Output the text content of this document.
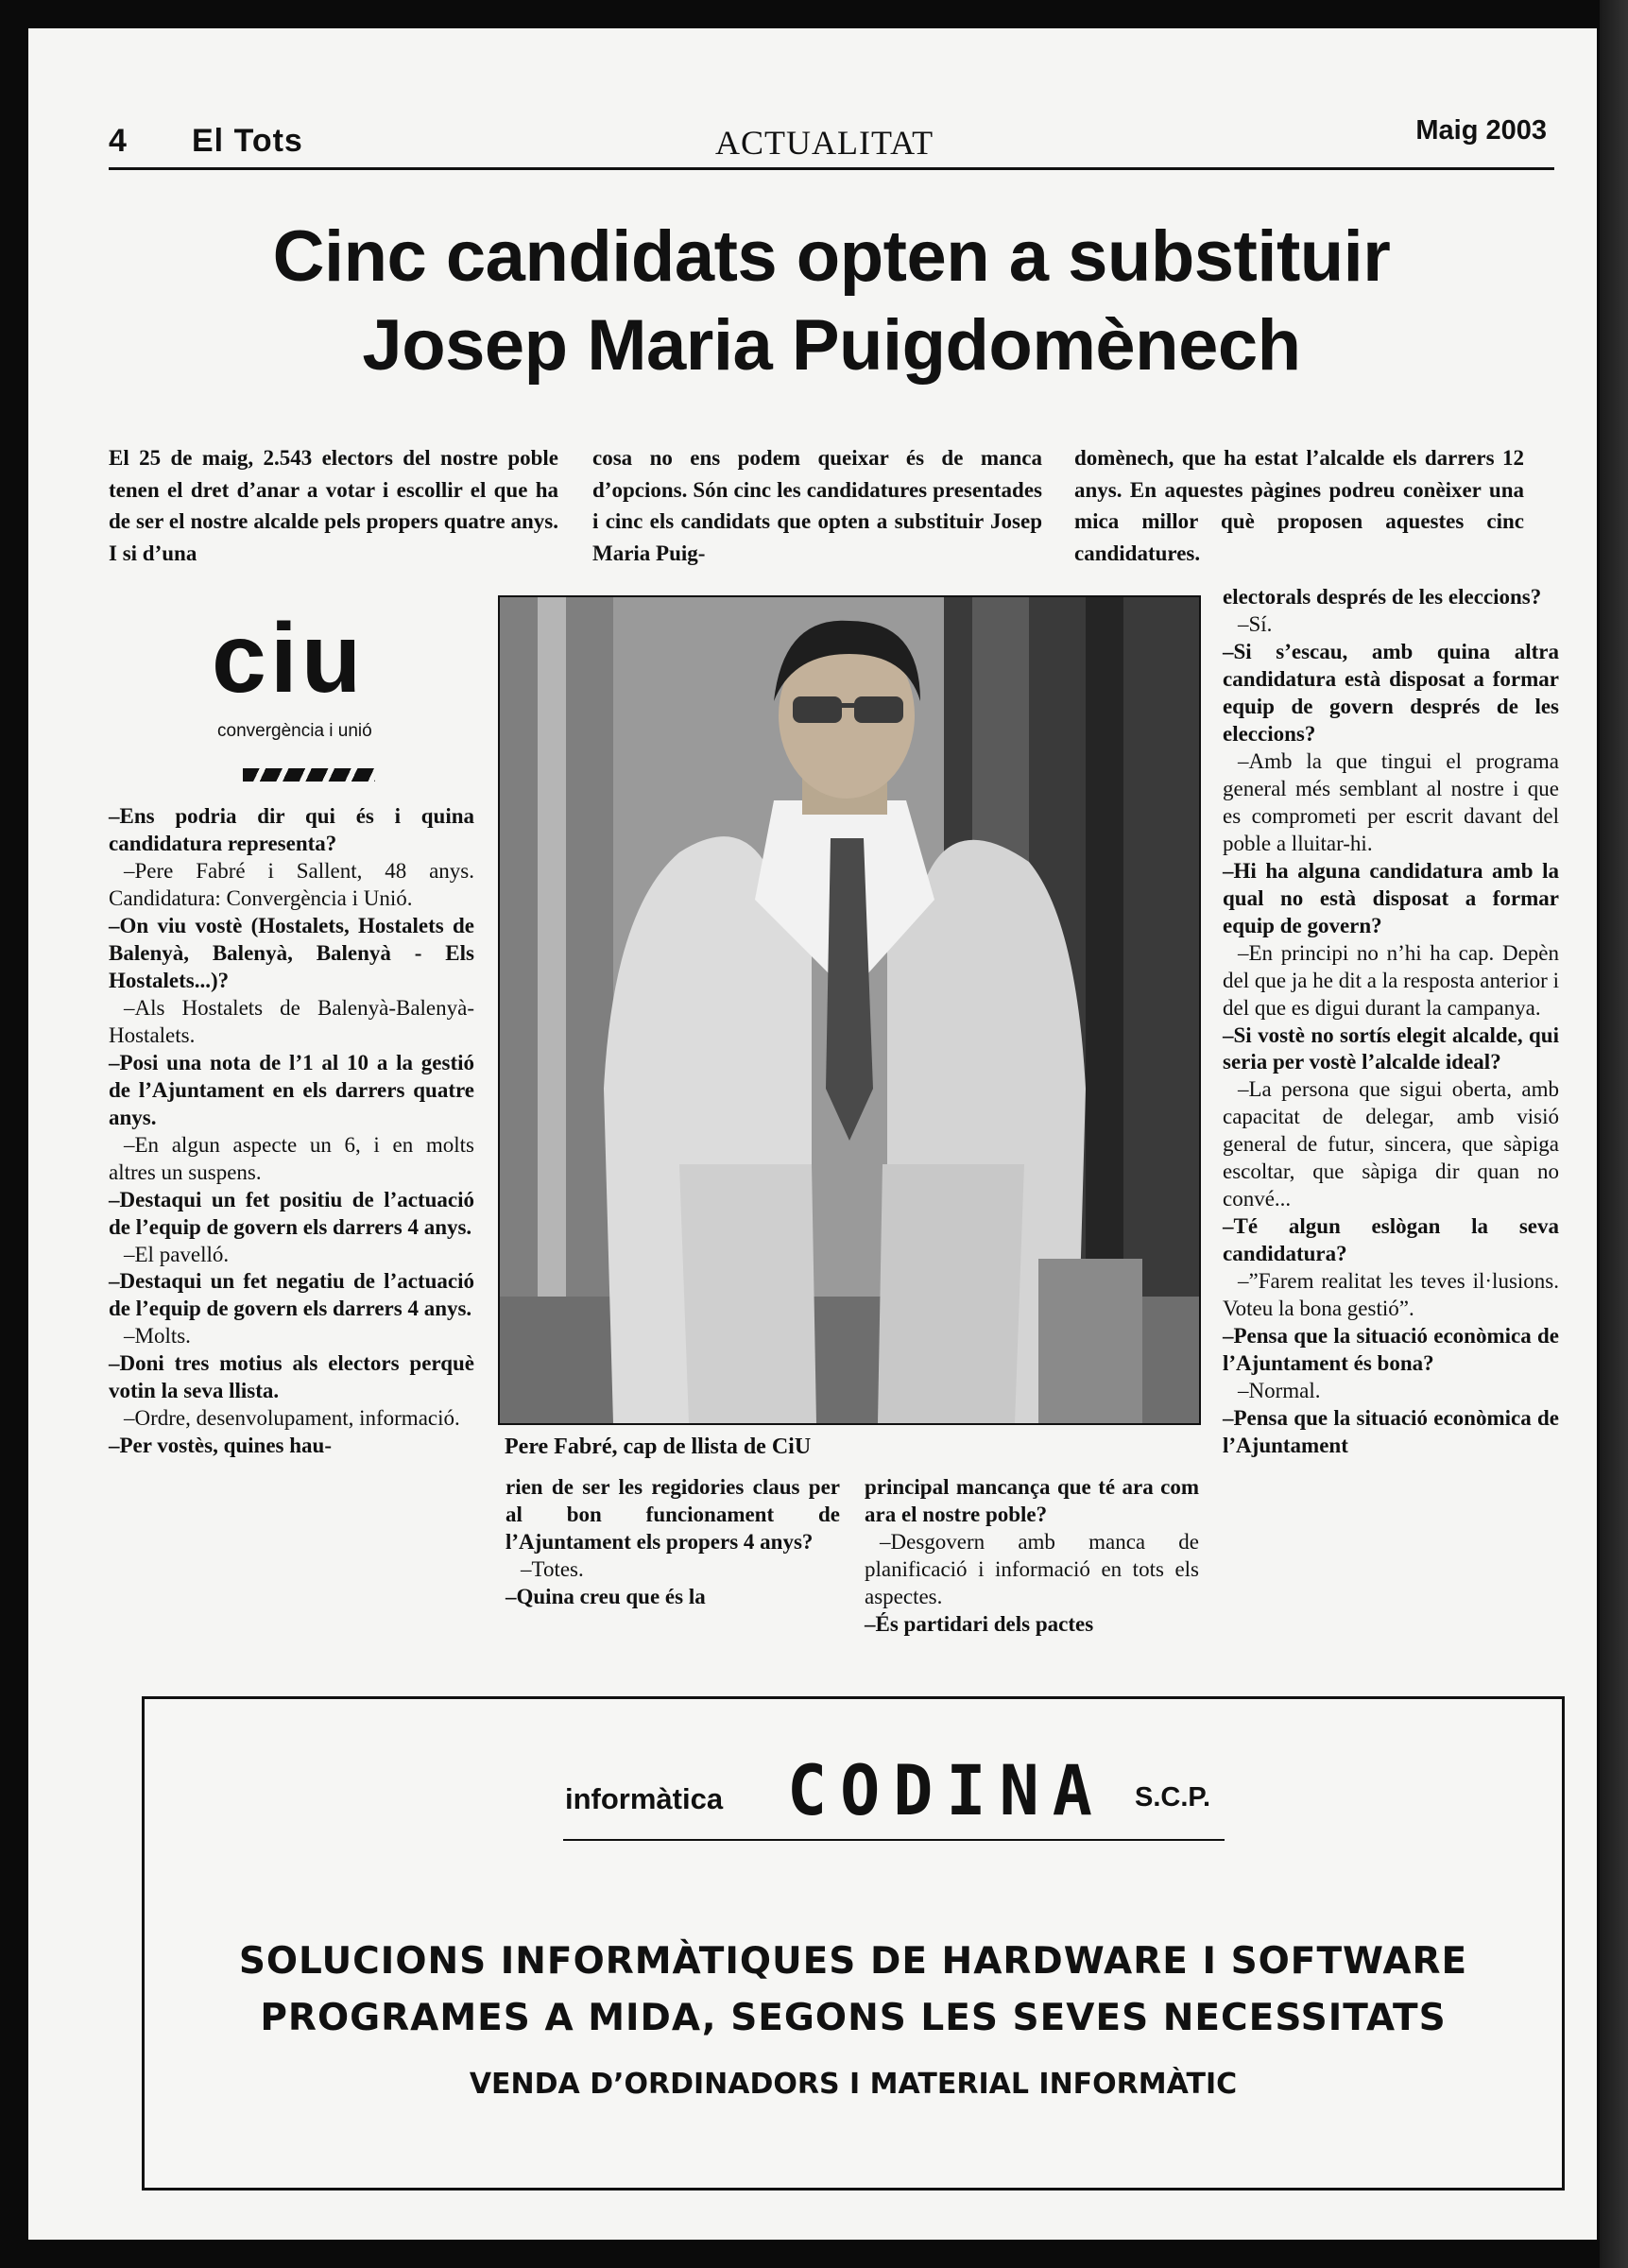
4 El Tots	ACTUALITAT	Maig 2003
Cinc candidats opten a substituir
Josep Maria Puigdomènech

El 25 de maig, 2.543 electors del nostre poble tenen el dret d’anar a votar i escollir el que ha de ser el nostre alcalde pels propers quatre anys. I si d’una

cosa no ens podem queixar és de manca d’opcions. Són cinc les candidatures presentades i cinc els candidats que opten a substituir Josep Maria Puig-

domènech, que ha estat l’alcalde els darrers 12 anys. En aquestes pàgines podreu conèixer una mica millor què proposen aquestes cinc candidatures.

ciu
convergència i unió

–Ens podria dir qui és i quina candidatura representa?

–Pere Fabré i Sallent, 48 anys. Candidatura: Convergència i Unió.

–On viu vostè (Hostalets, Hostalets de Balenyà, Balenyà, Balenyà - Els Hostalets...)?

–Als Hostalets de Balenyà-Balenyà-Hostalets.

–Posi una nota de l’1 al 10 a la gestió de l’Ajuntament en els darrers quatre anys.

–En algun aspecte un 6, i en molts altres un suspens.

–Destaqui un fet positiu de l’actuació de l’equip de govern els darrers 4 anys.

–El pavelló.

–Destaqui un fet negatiu de l’actuació de l’equip de govern els darrers 4 anys.

–Molts.

–Doni tres motius als electors perquè votin la seva llista.

–Ordre, desenvolupament, informació.

–Per vostès, quines hau-	Pere Fabré, cap de llista de CiU

rien de ser les regidories claus per al bon funcionament de l’Ajuntament els propers 4 anys?

–Totes.

–Quina creu que és la

principal mancança que té ara com ara el nostre poble?

–Desgovern amb manca de planificació i informació en tots els aspectes.

–És partidari dels pactes

electorals després de les eleccions?

–Sí.

–Si s’escau, amb quina altra candidatura està disposat a formar equip de govern després de les eleccions?

–Amb la que tingui el programa general més semblant al nostre i que es comprometi per escrit davant del poble a lluitar-hi.

–Hi ha alguna candidatura amb la qual no està disposat a formar equip de govern?

–En principi no n’hi ha cap. Depèn del que ja he dit a la resposta anterior i del que es digui durant la campanya.

–Si vostè no sortís elegit alcalde, qui seria per vostè l’alcalde ideal?

–La persona que sigui oberta, amb capacitat de delegar, amb visió general de futur, sincera, que sàpiga escoltar, que sàpiga dir quan no convé...

–Té algun eslògan la seva candidatura?

–”Farem realitat les teves il·lusions. Voteu la bona gestió”.

–Pensa que la situació econòmica de l’Ajuntament és bona?

–Normal.

–Pensa que la situació econòmica de l’Ajuntament

informàtica CODINA S.C.P.
SOLUCIONS INFORMÀTIQUES DE HARDWARE I SOFTWARE
PROGRAMES A MIDA, SEGONS LES SEVES NECESSITATS
VENDA D’ORDINADORS I MATERIAL INFORMÀTIC
